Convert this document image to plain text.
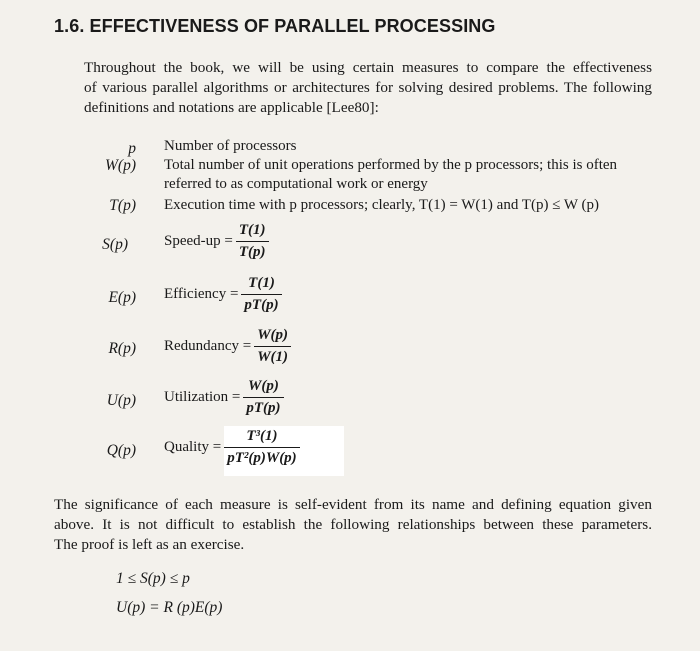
1.6. EFFECTIVENESS OF PARALLEL PROCESSING
Throughout the book, we will be using certain measures to compare the effectiveness
of various parallel algorithms or architectures for solving desired problems. The following
definitions and notations are applicable [Lee80]:
p Number of processors
W(p) Total number of unit operations performed by the p processors; this is often
referred to as computational work or energy
T(p) Execution time with p processors; clearly, T(1) = W(1) and T(p) ≤ W (p)
S(p) Speed-up = $\frac{T(1)}{T(p)}$
E(p) Efficiency = $\frac{T(1)}{pT(p)}$
R(p) Redundancy = $\frac{W(p)}{W(1)}$
U(p) Utilization = $\frac{W(p)}{pT(p)}$
Q(p) Quality = $\frac{\text{T³(1)}}{\text{pT²(p)W(p)}}$
The significance of each measure is self-evident from its name and defining equation given
above. It is not difficult to establish the following relationships between these parameters.
The proof is left as an exercise.
1 ≤ S(p) ≤ p
U(p) = R (p)E(p)
